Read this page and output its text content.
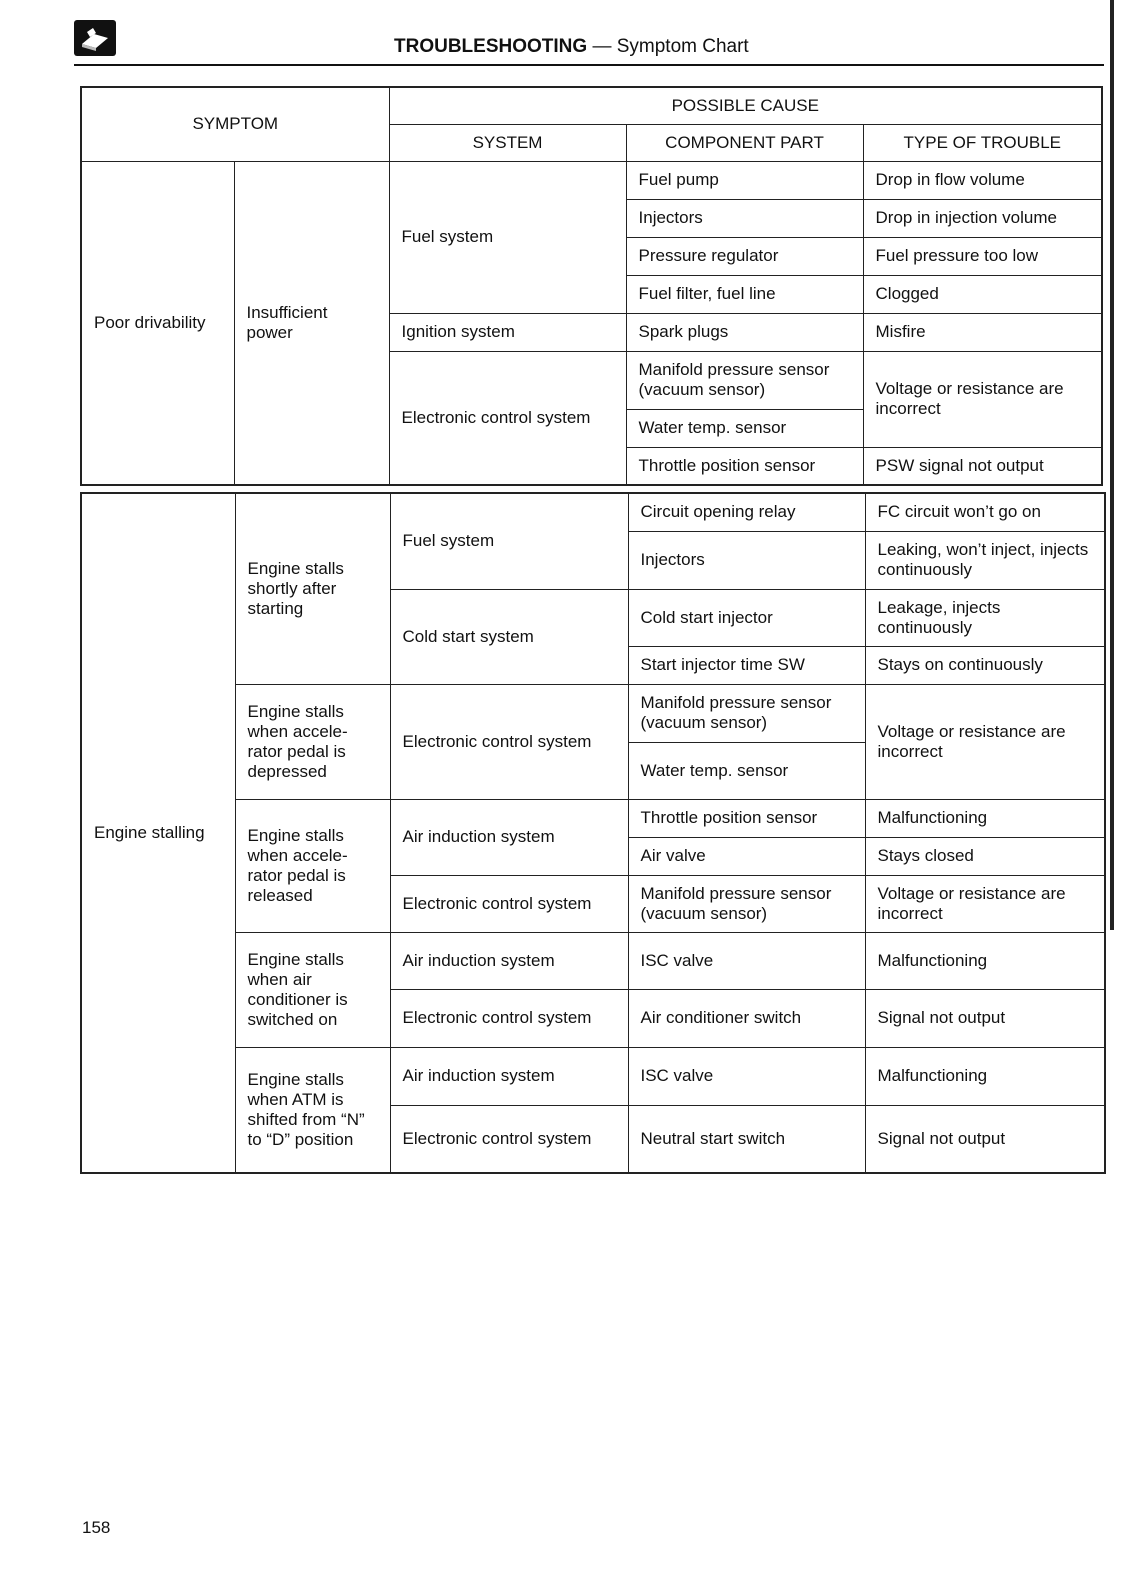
TROUBLESHOOTING — Symptom Chart
SYMPTOM		POSSIBLE CAUSE		
		SYSTEM	COMPONENT PART	TYPE OF TROUBLE
Poor drivability	Insufficient power	Fuel system	Fuel pump	Drop in flow volume
			Injectors	Drop in injection volume
			Pressure regulator	Fuel pressure too low
			Fuel filter, fuel line	Clogged
		Ignition system	Spark plugs	Misfire
		Electronic control system	Manifold pressure sensor (vacuum sensor)	Voltage or resistance are incorrect
			Water temp. sensor	
			Throttle position sensor	PSW signal not output
Engine stalling	Engine stalls shortly after starting	Fuel system	Circuit opening relay	FC circuit won’t go on
			Injectors	Leaking, won’t inject, injects continuously
		Cold start system	Cold start injector	Leakage, injects continuously
			Start injector time SW	Stays on continuously
	Engine stalls when accele-rator pedal is depressed	Electronic control system	Manifold pressure sensor (vacuum sensor)	Voltage or resistance are incorrect
			Water temp. sensor	
	Engine stalls when accele-rator pedal is released	Air induction system	Throttle position sensor	Malfunctioning
			Air valve	Stays closed
		Electronic control system	Manifold pressure sensor (vacuum sensor)	Voltage or resistance are incorrect
	Engine stalls when air conditioner is switched on	Air induction system	ISC valve	Malfunctioning
		Electronic control system	Air conditioner switch	Signal not output
	Engine stalls when ATM is shifted from “N” to “D” position	Air induction system	ISC valve	Malfunctioning
		Electronic control system	Neutral start switch	Signal not output
158
